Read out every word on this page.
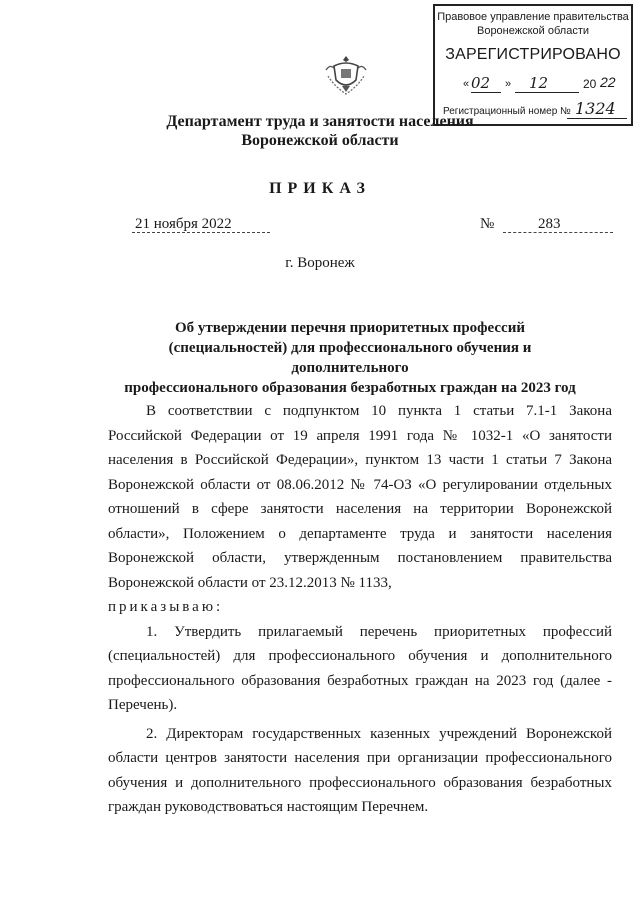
Правовое управление правительства
Воронежской области
ЗАРЕГИСТРИРОВАНО
« 02 » 12	20 22
Регистрационный номер № 1324
Департамент труда и занятости населения
Воронежской области
ПРИКАЗ
21 ноября 2022	№	283
г. Воронеж
Об утверждении перечня приоритетных профессий
(специальностей) для профессионального обучения и дополнительного
профессионального образования безработных граждан на 2023 год

В соответствии с подпунктом 10 пункта 1 статьи 7.1-1 Закона Российской Федерации от 19 апреля 1991 года № 1032-1 «О занятости населения в Российской Федерации», пунктом 13 части 1 статьи 7 Закона Воронежской области от 08.06.2012 № 74-ОЗ «О регулировании отдельных отношений в сфере занятости населения на территории Воронежской области», Положением о департаменте труда и занятости населения Воронежской области, утвержденным постановлением правительства Воронежской области от 23.12.2013 № 1133,

приказываю:

1. Утвердить прилагаемый перечень приоритетных профессий (специальностей) для профессионального обучения и дополнительного профессионального образования безработных граждан на 2023 год (далее - Перечень).

2. Директорам государственных казенных учреждений Воронежской области центров занятости населения при организации профессионального обучения и дополнительного профессионального образования безработных граждан руководствоваться настоящим Перечнем.
